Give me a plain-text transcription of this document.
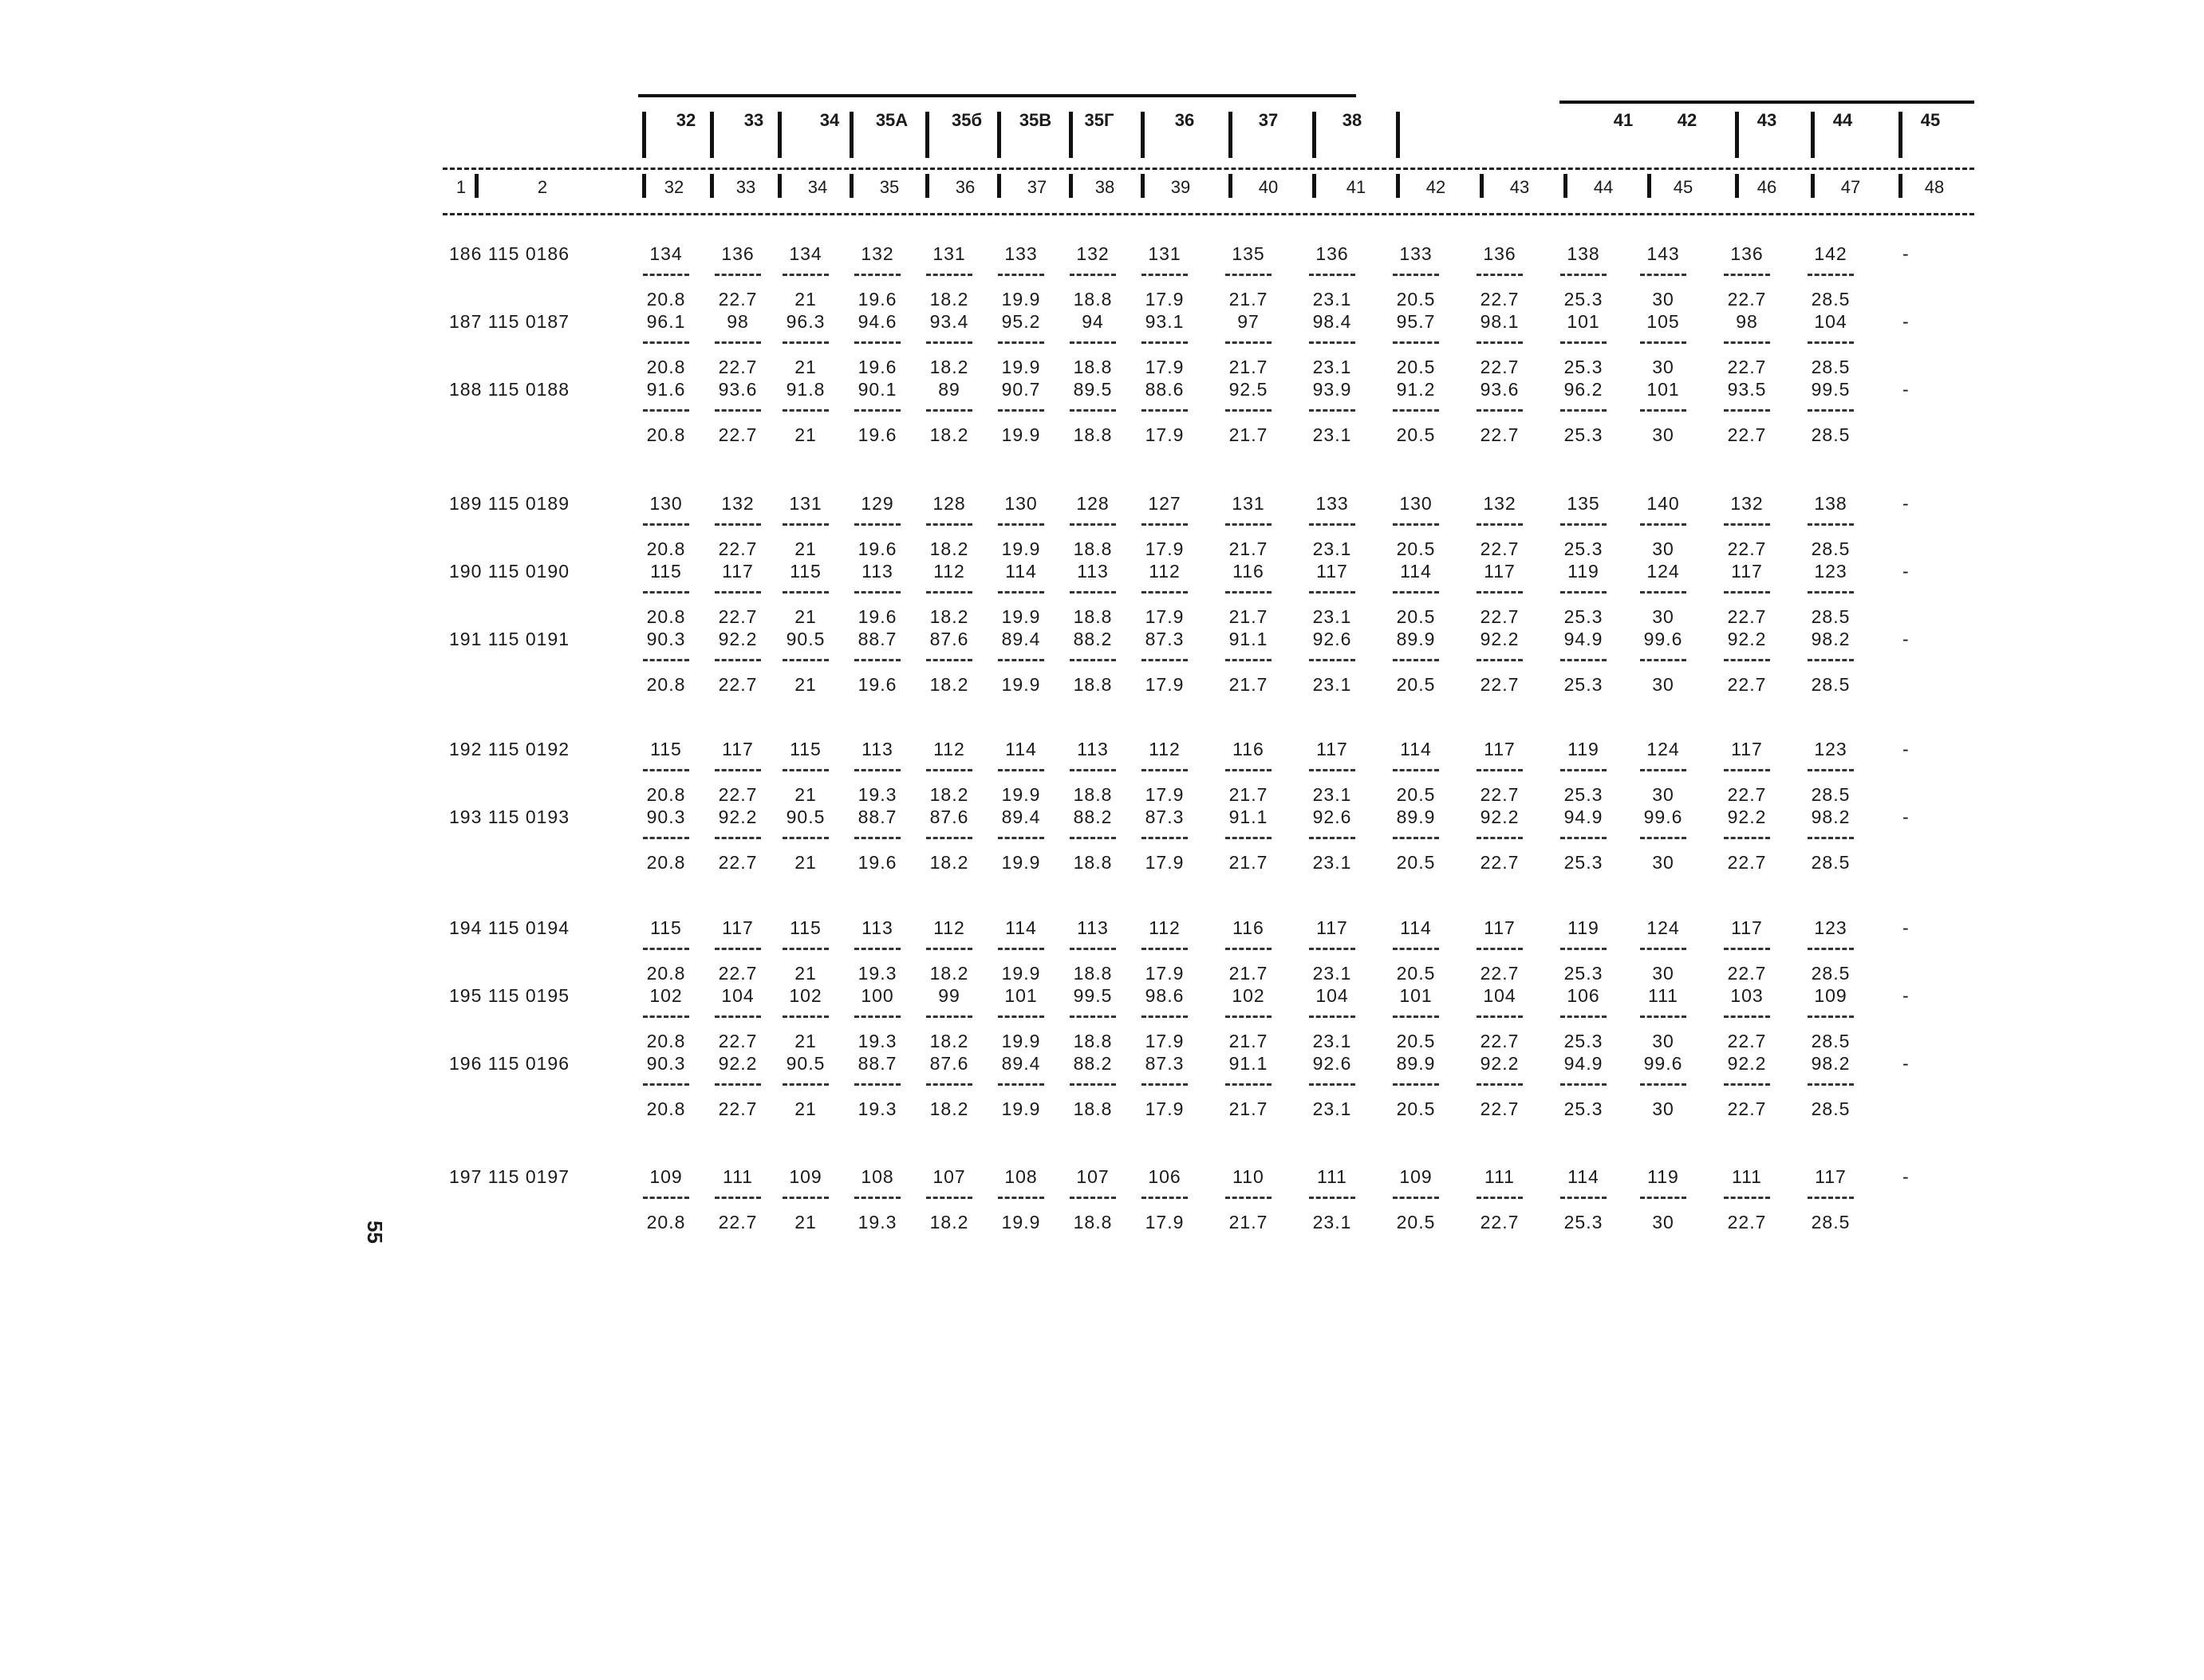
32	33	34	35A	35б	35B	35Г	36	37	38	41	42	43	44	45
1	2	32	33	34	35	36	37	38	39	40	41	42	43	44	45	46	47	48
186 115 0186	134	136	134	132	131	133	132	131	135	136	133	136	138	143	136	142	-
20.8	22.7	21	19.6	18.2	19.9	18.8	17.9	21.7	23.1	20.5	22.7	25.3	30	22.7	28.5
187 115 0187	96.1	98	96.3	94.6	93.4	95.2	94	93.1	97	98.4	95.7	98.1	101	105	98	104	-
20.8	22.7	21	19.6	18.2	19.9	18.8	17.9	21.7	23.1	20.5	22.7	25.3	30	22.7	28.5
188 115 0188	91.6	93.6	91.8	90.1	89	90.7	89.5	88.6	92.5	93.9	91.2	93.6	96.2	101	93.5	99.5	-
20.8	22.7	21	19.6	18.2	19.9	18.8	17.9	21.7	23.1	20.5	22.7	25.3	30	22.7	28.5
189 115 0189	130	132	131	129	128	130	128	127	131	133	130	132	135	140	132	138	-
20.8	22.7	21	19.6	18.2	19.9	18.8	17.9	21.7	23.1	20.5	22.7	25.3	30	22.7	28.5
190 115 0190	115	117	115	113	112	114	113	112	116	117	114	117	119	124	117	123	-
20.8	22.7	21	19.6	18.2	19.9	18.8	17.9	21.7	23.1	20.5	22.7	25.3	30	22.7	28.5
191 115 0191	90.3	92.2	90.5	88.7	87.6	89.4	88.2	87.3	91.1	92.6	89.9	92.2	94.9	99.6	92.2	98.2	-
20.8	22.7	21	19.6	18.2	19.9	18.8	17.9	21.7	23.1	20.5	22.7	25.3	30	22.7	28.5
192 115 0192	115	117	115	113	112	114	113	112	116	117	114	117	119	124	117	123	-
20.8	22.7	21	19.3	18.2	19.9	18.8	17.9	21.7	23.1	20.5	22.7	25.3	30	22.7	28.5
193 115 0193	90.3	92.2	90.5	88.7	87.6	89.4	88.2	87.3	91.1	92.6	89.9	92.2	94.9	99.6	92.2	98.2	-
20.8	22.7	21	19.6	18.2	19.9	18.8	17.9	21.7	23.1	20.5	22.7	25.3	30	22.7	28.5
194 115 0194	115	117	115	113	112	114	113	112	116	117	114	117	119	124	117	123	-
20.8	22.7	21	19.3	18.2	19.9	18.8	17.9	21.7	23.1	20.5	22.7	25.3	30	22.7	28.5
195 115 0195	102	104	102	100	99	101	99.5	98.6	102	104	101	104	106	111	103	109	-
20.8	22.7	21	19.3	18.2	19.9	18.8	17.9	21.7	23.1	20.5	22.7	25.3	30	22.7	28.5
196 115 0196	90.3	92.2	90.5	88.7	87.6	89.4	88.2	87.3	91.1	92.6	89.9	92.2	94.9	99.6	92.2	98.2	-
20.8	22.7	21	19.3	18.2	19.9	18.8	17.9	21.7	23.1	20.5	22.7	25.3	30	22.7	28.5
197 115 0197	109	111	109	108	107	108	107	106	110	111	109	111	114	119	111	117	-
20.8	22.7	21	19.3	18.2	19.9	18.8	17.9	21.7	23.1	20.5	22.7	25.3	30	22.7	28.5
55
